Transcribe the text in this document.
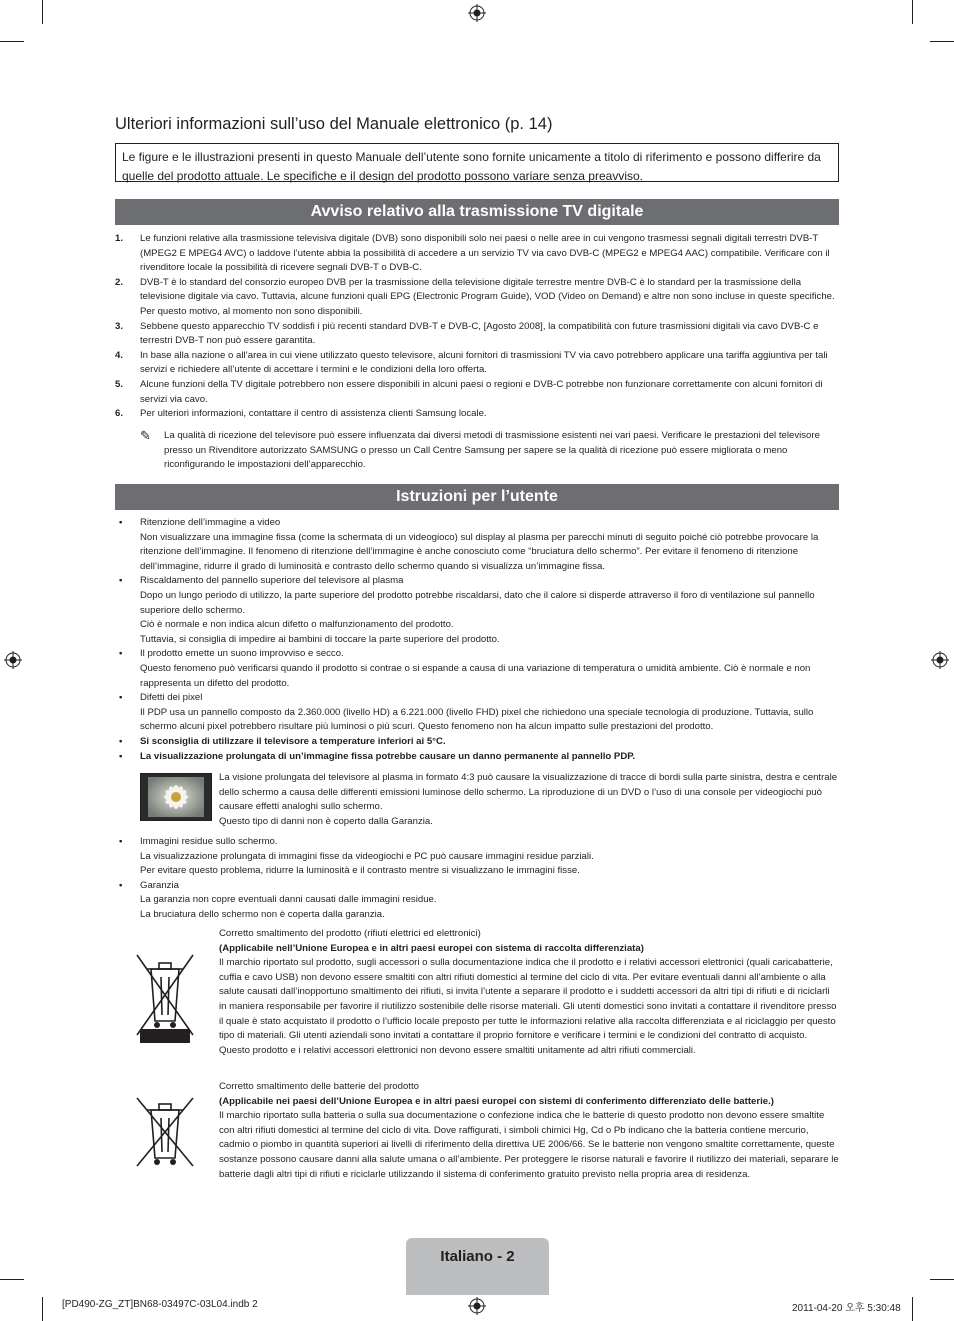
Ulteriori informazioni sull’uso del Manuale elettronico (p. 14)
Le figure e le illustrazioni presenti in questo Manuale dell’utente sono fornite unicamente a titolo di riferimento e possono differire da quelle del prodotto attuale. Le specifiche e il design del prodotto possono variare senza preavviso.
Avviso relativo alla trasmissione TV digitale
1. Le funzioni relative alla trasmissione televisiva digitale (DVB) sono disponibili solo nei paesi o nelle aree in cui vengono trasmessi segnali digitali terrestri DVB-T (MPEG2 E MPEG4 AVC) o laddove l’utente abbia la possibilità di accedere a un servizio TV via cavo DVB-C (MPEG2 e MPEG4 AAC) compatibile. Verificare con il rivenditore locale la possibilità di ricevere segnali DVB-T o DVB-C.
2. DVB-T è lo standard del consorzio europeo DVB per la trasmissione della televisione digitale terrestre mentre DVB-C è lo standard per la trasmissione della televisione digitale via cavo. Tuttavia, alcune funzioni quali EPG (Electronic Program Guide), VOD (Video on Demand) e altre non sono incluse in queste specifiche. Per questo motivo, al momento non sono disponibili.
3. Sebbene questo apparecchio TV soddisfi i più recenti standard DVB-T e DVB-C, [Agosto 2008], la compatibilità con future trasmissioni digitali via cavo DVB-C e terrestri DVB-T non può essere garantita.
4. In base alla nazione o all’area in cui viene utilizzato questo televisore, alcuni fornitori di trasmissioni TV via cavo potrebbero applicare una tariffa aggiuntiva per tali servizi e richiedere all’utente di accettare i termini e le condizioni della loro offerta.
5. Alcune funzioni della TV digitale potrebbero non essere disponibili in alcuni paesi o regioni e DVB-C potrebbe non funzionare correttamente con alcuni fornitori di servizi via cavo.
6. Per ulteriori informazioni, contattare il centro di assistenza clienti Samsung locale.
✎ La qualità di ricezione del televisore può essere influenzata dai diversi metodi di trasmissione esistenti nei vari paesi. Verificare le prestazioni del televisore presso un Rivenditore autorizzato SAMSUNG o presso un Call Centre Samsung per sapere se la qualità di ricezione può essere migliorata o meno riconfigurando le impostazioni dell’apparecchio.
Istruzioni per l’utente
• Ritenzione dell’immagine a video
Non visualizzare una immagine fissa (come la schermata di un videogioco) sul display al plasma per parecchi minuti di seguito poiché ciò potrebbe provocare la ritenzione dell’immagine. Il fenomeno di ritenzione dell’immagine è anche conosciuto come “bruciatura dello schermo”. Per evitare il fenomeno di ritenzione dell’immagine, ridurre il grado di luminosità e contrasto dello schermo quando si visualizza un’immagine fissa.
• Riscaldamento del pannello superiore del televisore al plasma
Dopo un lungo periodo di utilizzo, la parte superiore del prodotto potrebbe riscaldarsi, dato che il calore si disperde attraverso il foro di ventilazione sul pannello superiore dello schermo.
Ciò è normale e non indica alcun difetto o malfunzionamento del prodotto.
Tuttavia, si consiglia di impedire ai bambini di toccare la parte superiore del prodotto.
• Il prodotto emette un suono improvviso e secco.
Questo fenomeno può verificarsi quando il prodotto si contrae o si espande a causa di una variazione di temperatura o umidità ambiente. Ciò è normale e non rappresenta un difetto del prodotto.
• Difetti dei pixel
Il PDP usa un pannello composto da 2.360.000 (livello HD) a 6.221.000 (livello FHD) pixel che richiedono una speciale tecnologia di produzione. Tuttavia, sullo schermo alcuni pixel potrebbero risultare più luminosi o più scuri. Questo fenomeno non ha alcun impatto sulle prestazioni del prodotto.
• Si sconsiglia di utilizzare il televisore a temperature inferiori ai 5°C.
• La visualizzazione prolungata di un’immagine fissa potrebbe causare un danno permanente al pannello PDP.
La visione prolungata del televisore al plasma in formato 4:3 può causare la visualizzazione di tracce di bordi sulla parte sinistra, destra e centrale dello schermo a causa delle differenti emissioni luminose dello schermo. La riproduzione di un DVD o l’uso di una console per videogiochi può causare effetti analoghi sullo schermo.
Questo tipo di danni non è coperto dalla Garanzia.
• Immagini residue sullo schermo.
La visualizzazione prolungata di immagini fisse da videogiochi e PC può causare immagini residue parziali.
Per evitare questo problema, ridurre la luminosità e il contrasto mentre si visualizzano le immagini fisse.
• Garanzia
La garanzia non copre eventuali danni causati dalle immagini residue.
La bruciatura dello schermo non è coperta dalla garanzia.
Corretto smaltimento del prodotto (rifiuti elettrici ed elettronici)
(Applicabile nell’Unione Europea e in altri paesi europei con sistema di raccolta differenziata)
Il marchio riportato sul prodotto, sugli accessori o sulla documentazione indica che il prodotto e i relativi accessori elettronici (quali caricabatterie, cuffia e cavo USB) non devono essere smaltiti con altri rifiuti domestici al termine del ciclo di vita. Per evitare eventuali danni all’ambiente o alla salute causati dall’inopportuno smaltimento dei rifiuti, si invita l’utente a separare il prodotto e i suddetti accessori da altri tipi di rifiuti e di riciclarli in maniera responsabile per favorire il riutilizzo sostenibile delle risorse materiali. Gli utenti domestici sono invitati a contattare il rivenditore presso il quale è stato acquistato il prodotto o l’ufficio locale preposto per tutte le informazioni relative alla raccolta differenziata e al riciclaggio per questo tipo di materiali. Gli utenti aziendali sono invitati a contattare il proprio fornitore e verificare i termini e le condizioni del contratto di acquisto. Questo prodotto e i relativi accessori elettronici non devono essere smaltiti unitamente ad altri rifiuti commerciali.
Corretto smaltimento delle batterie del prodotto
(Applicabile nei paesi dell’Unione Europea e in altri paesi europei con sistemi di conferimento differenziato delle batterie.)
Il marchio riportato sulla batteria o sulla sua documentazione o confezione indica che le batterie di questo prodotto non devono essere smaltite con altri rifiuti domestici al termine del ciclo di vita. Dove raffigurati, i simboli chimici Hg, Cd o Pb indicano che la batteria contiene mercurio, cadmio o piombo in quantità superiori ai livelli di riferimento della direttiva UE 2006/66. Se le batterie non vengono smaltite correttamente, queste sostanze possono causare danni alla salute umana o all’ambiente. Per proteggere le risorse naturali e favorire il riutilizzo dei materiali, separare le batterie dagli altri tipi di rifiuti e riciclarle utilizzando il sistema di conferimento gratuito previsto nella propria area di residenza.
Italiano - 2
[PD490-ZG_ZT]BN68-03497C-03L04.indb 2	2011-04-20 오후 5:30:48
